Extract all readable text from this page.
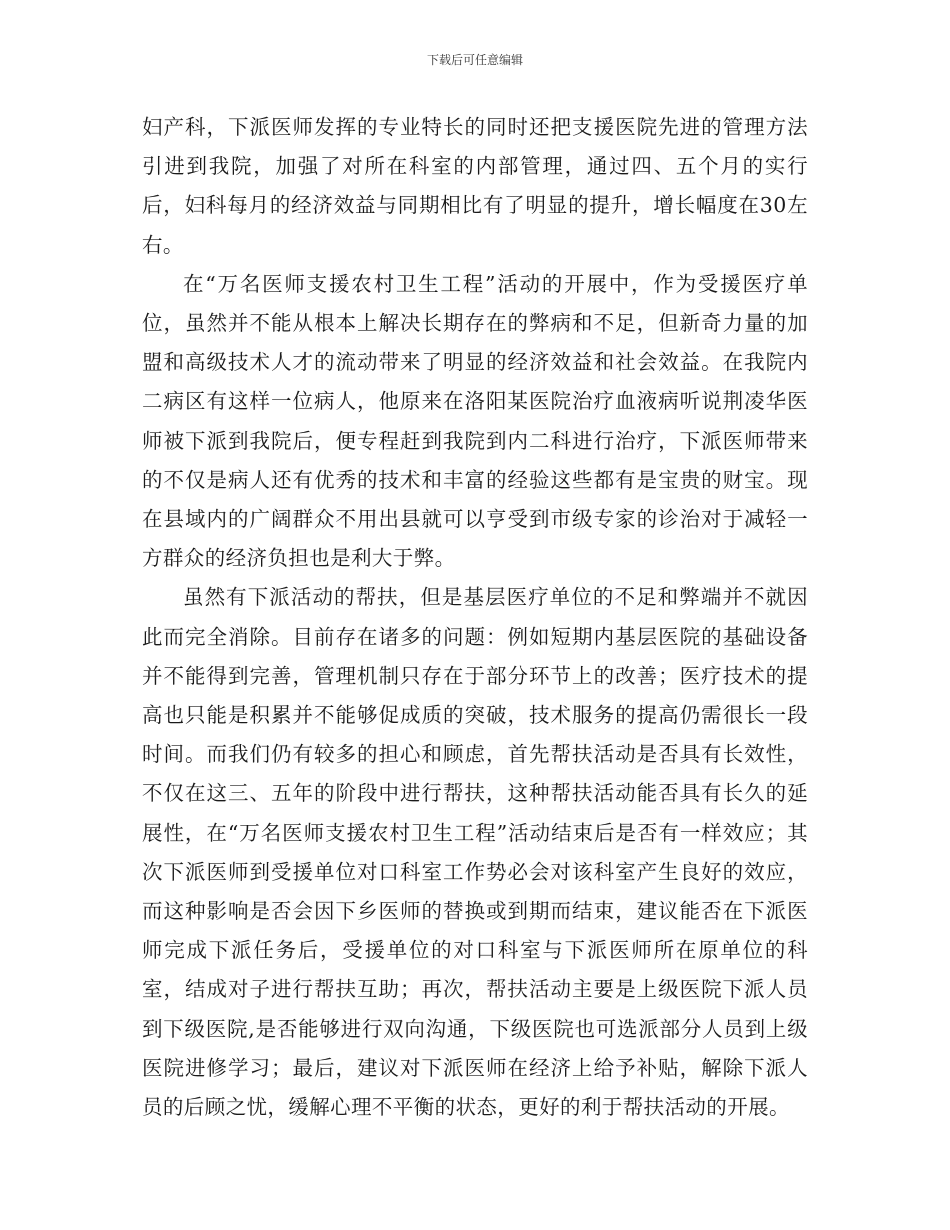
下载后可任意编辑

妇产科，下派医师发挥的专业特长的同时还把支援医院先进的管理方法引进到我院，加强了对所在科室的内部管理，通过四、五个月的实行后，妇科每月的经济效益与同期相比有了明显的提升，增长幅度在30左右。

在“万名医师支援农村卫生工程”活动的开展中，作为受援医疗单位，虽然并不能从根本上解决长期存在的弊病和不足，但新奇力量的加盟和高级技术人才的流动带来了明显的经济效益和社会效益。在我院内二病区有这样一位病人，他原来在洛阳某医院治疗血液病听说荆凌华医师被下派到我院后，便专程赶到我院到内二科进行治疗，下派医师带来的不仅是病人还有优秀的技术和丰富的经验这些都有是宝贵的财宝。现在县域内的广阔群众不用出县就可以亨受到市级专家的诊治对于减轻一方群众的经济负担也是利大于弊。

虽然有下派活动的帮扶，但是基层医疗单位的不足和弊端并不就因此而完全消除。目前存在诸多的问题：例如短期内基层医院的基础设备并不能得到完善，管理机制只存在于部分环节上的改善；医疗技术的提高也只能是积累并不能够促成质的突破，技术服务的提高仍需很长一段时间。而我们仍有较多的担心和顾虑，首先帮扶活动是否具有长效性，不仅在这三、五年的阶段中进行帮扶，这种帮扶活动能否具有长久的延展性，在“万名医师支援农村卫生工程”活动结束后是否有一样效应；其次下派医师到受援单位对口科室工作势必会对该科室产生良好的效应，而这种影响是否会因下乡医师的替换或到期而结束，建议能否在下派医师完成下派任务后，受援单位的对口科室与下派医师所在原单位的科室，结成对子进行帮扶互助；再次，帮扶活动主要是上级医院下派人员到下级医院,是否能够进行双向沟通，下级医院也可选派部分人员到上级医院进修学习；最后，建议对下派医师在经济上给予补贴，解除下派人员的后顾之忧，缓解心理不平衡的状态，更好的利于帮扶活动的开展。
